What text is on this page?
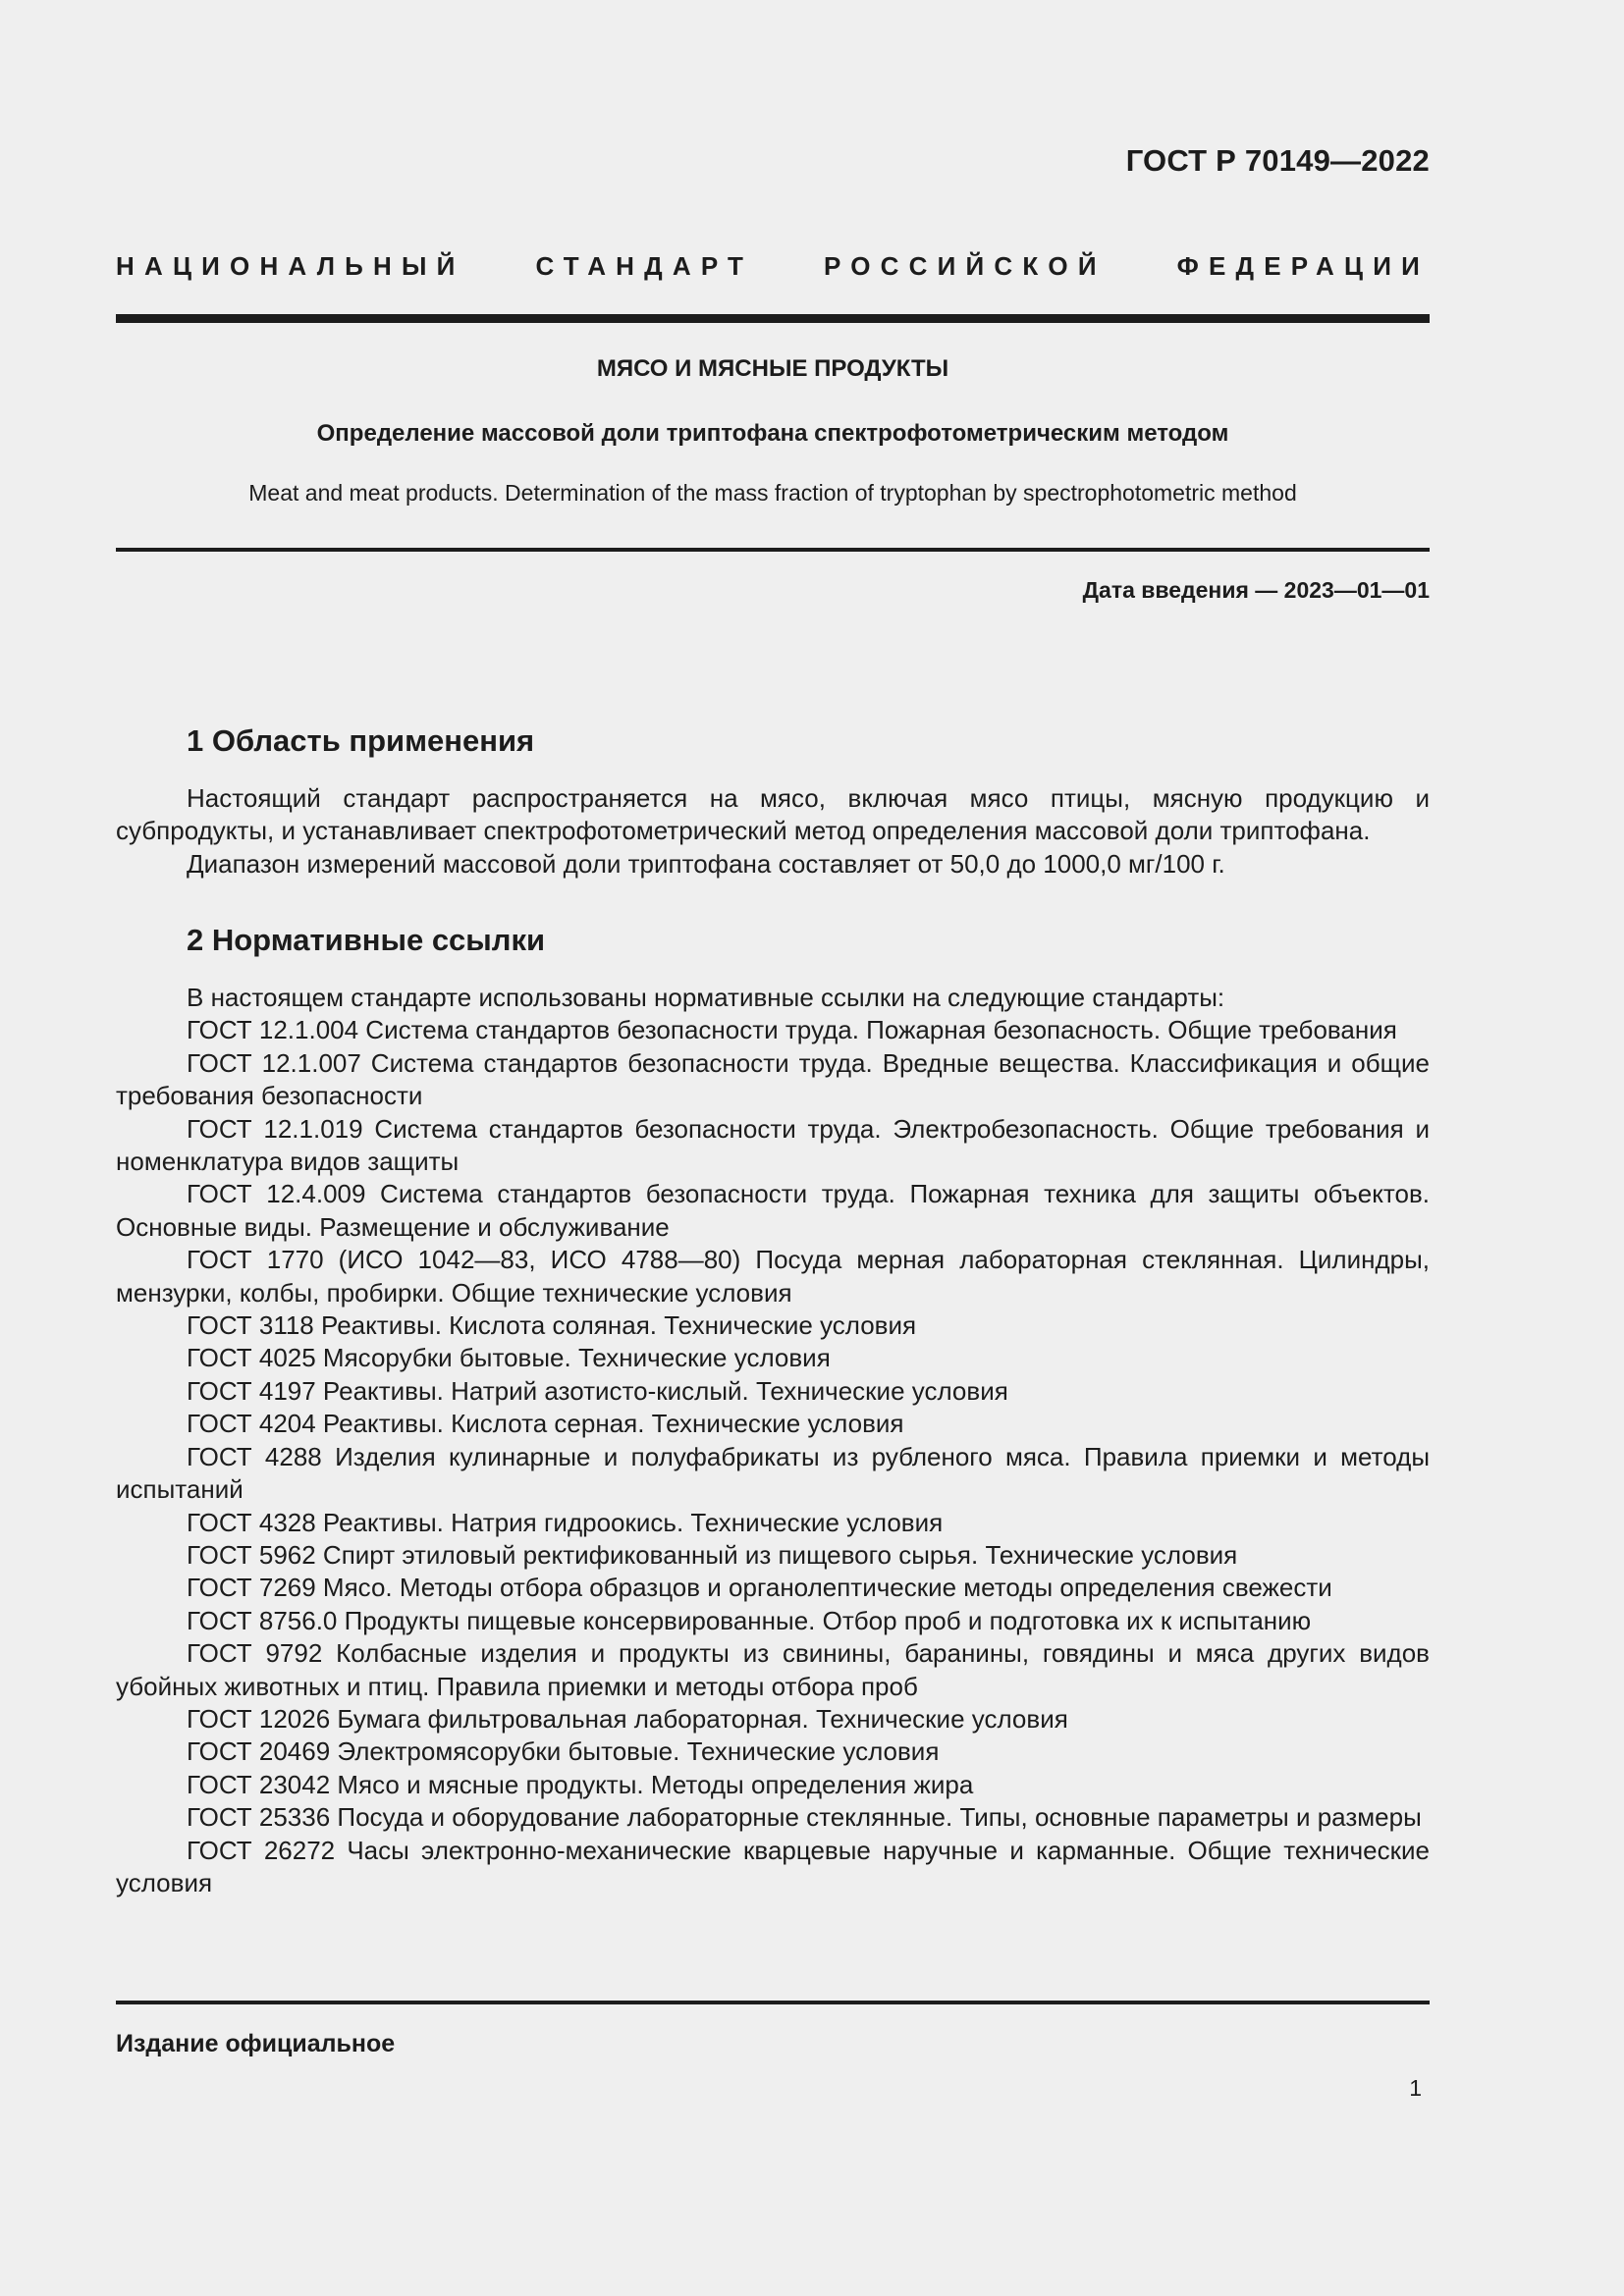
ГОСТ Р 70149—2022
НАЦИОНАЛЬНЫЙ	СТАНДАРТ	РОССИЙСКОЙ	ФЕДЕРАЦИИ
МЯСО И МЯСНЫЕ ПРОДУКТЫ
Определение массовой доли триптофана спектрофотометрическим методом
Meat and meat products. Determination of the mass fraction of tryptophan by spectrophotometric method
Дата введения — 2023—01—01
1 Область применения

Настоящий стандарт распространяется на мясо, включая мясо птицы, мясную продукцию и субпродукты, и устанавливает спектрофотометрический метод определения массовой доли триптофана.

Диапазон измерений массовой доли триптофана составляет от 50,0 до 1000,0 мг/100 г.

2 Нормативные ссылки

В настоящем стандарте использованы нормативные ссылки на следующие стандарты:

ГОСТ 12.1.004 Система стандартов безопасности труда. Пожарная безопасность. Общие требования

ГОСТ 12.1.007 Система стандартов безопасности труда. Вредные вещества. Классификация и общие требования безопасности

ГОСТ 12.1.019 Система стандартов безопасности труда. Электробезопасность. Общие требования и номенклатура видов защиты

ГОСТ 12.4.009 Система стандартов безопасности труда. Пожарная техника для защиты объектов. Основные виды. Размещение и обслуживание

ГОСТ 1770 (ИСО 1042—83, ИСО 4788—80) Посуда мерная лабораторная стеклянная. Цилиндры, мензурки, колбы, пробирки. Общие технические условия

ГОСТ 3118 Реактивы. Кислота соляная. Технические условия

ГОСТ 4025 Мясорубки бытовые. Технические условия

ГОСТ 4197 Реактивы. Натрий азотисто-кислый. Технические условия

ГОСТ 4204 Реактивы. Кислота серная. Технические условия

ГОСТ 4288 Изделия кулинарные и полуфабрикаты из рубленого мяса. Правила приемки и методы испытаний

ГОСТ 4328 Реактивы. Натрия гидроокись. Технические условия

ГОСТ 5962 Спирт этиловый ректификованный из пищевого сырья. Технические условия

ГОСТ 7269 Мясо. Методы отбора образцов и органолептические методы определения свежести

ГОСТ 8756.0 Продукты пищевые консервированные. Отбор проб и подготовка их к испытанию

ГОСТ 9792 Колбасные изделия и продукты из свинины, баранины, говядины и мяса других видов убойных животных и птиц. Правила приемки и методы отбора проб

ГОСТ 12026 Бумага фильтровальная лабораторная. Технические условия

ГОСТ 20469 Электромясорубки бытовые. Технические условия

ГОСТ 23042 Мясо и мясные продукты. Методы определения жира

ГОСТ 25336 Посуда и оборудование лабораторные стеклянные. Типы, основные параметры и размеры

ГОСТ 26272 Часы электронно-механические кварцевые наручные и карманные. Общие технические условия

Издание официальное
1
